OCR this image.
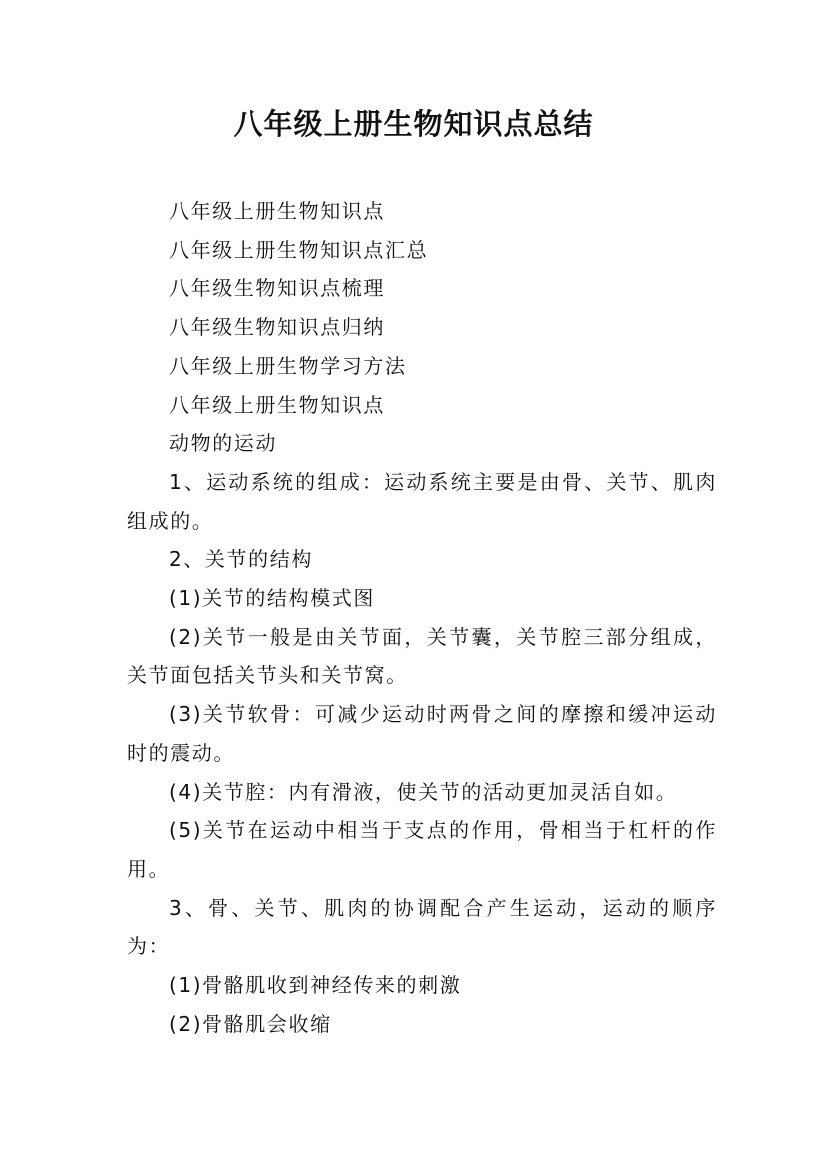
八年级上册生物知识点总结

八年级上册生物知识点

八年级上册生物知识点汇总

八年级生物知识点梳理

八年级生物知识点归纳

八年级上册生物学习方法

八年级上册生物知识点

动物的运动

1、运动系统的组成：运动系统主要是由骨、关节、肌肉组成的。

2、关节的结构

(1)关节的结构模式图

(2)关节一般是由关节面，关节囊，关节腔三部分组成，关节面包括关节头和关节窝。

(3)关节软骨：可减少运动时两骨之间的摩擦和缓冲运动时的震动。

(4)关节腔：内有滑液，使关节的活动更加灵活自如。

(5)关节在运动中相当于支点的作用，骨相当于杠杆的作用。

3、骨、关节、肌肉的协调配合产生运动，运动的顺序为：

(1)骨骼肌收到神经传来的刺激

(2)骨骼肌会收缩
